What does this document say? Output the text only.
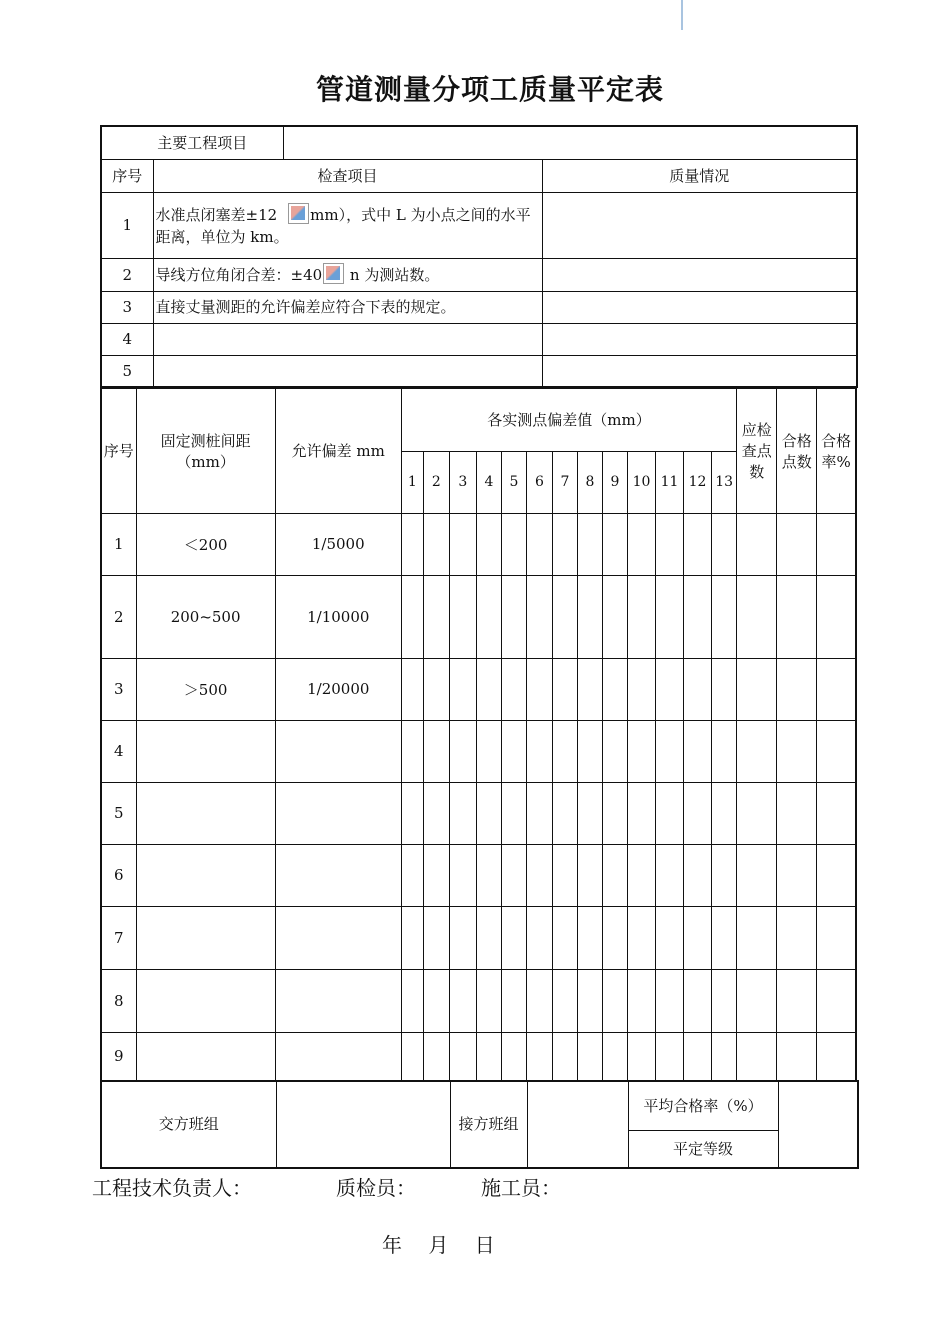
管道测量分项工质量平定表
主要工程项目			
序号	检查项目		质量情况
1	水准点闭塞差±12 mm），式中 L 为小点之间的水平距离，单位为 km。		
2	导线方位角闭合差：±40 n 为测站数。		
3	直接丈量测距的允许偏差应符合下表的规定。		
4			
5			
序号	固定测桩间距（mm）	允许偏差 mm	各实测点偏差值（mm）													应检查点数	合格点数	合格率%
			1	2	3	4	5	6	7	8	9	10	11	12	13			
1	＜200	1/5000																
2	200~500	1/10000																
3	＞500	1/20000																
4																		
5																		
6																		
7																		
8																		
9																		
交方班组		接方班组		平均合格率（%）	
平定等级
工程技术负责人：	质检员：	施工员：
年　 月　 日
